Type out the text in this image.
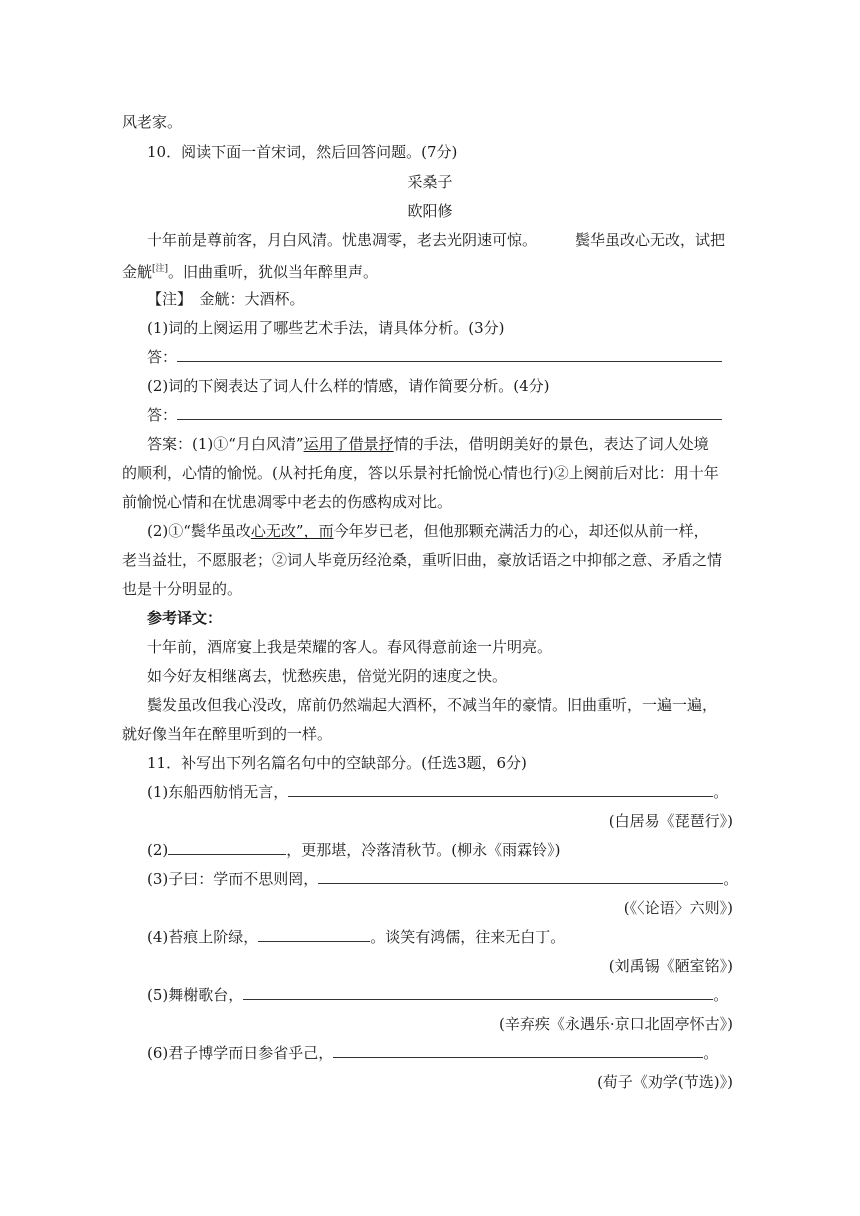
风老家。
10．阅读下面一首宋词，然后回答问题。(7分)
采桑子
欧阳修
十年前是尊前客，月白风清。忧患凋零，老去光阴速可惊。	鬓华虽改心无改，试把
金觥[注]。旧曲重听，犹似当年醉里声。
【注】　金觥：大酒杯。
(1)词的上阕运用了哪些艺术手法，请具体分析。(3分)
答：
(2)词的下阕表达了词人什么样的情感，请作简要分析。(4分)
答：
答案：(1)①“月白风清”运用了借景抒情的手法，借明朗美好的景色，表达了词人处境
的顺利，心情的愉悦。(从衬托角度，答以乐景衬托愉悦心情也行)②上阕前后对比：用十年
前愉悦心情和在忧患凋零中老去的伤感构成对比。
(2)①“鬓华虽改心无改”，而今年岁已老，但他那颗充满活力的心，却还似从前一样，
老当益壮，不愿服老；②词人毕竟历经沧桑，重听旧曲，豪放话语之中抑郁之意、矛盾之情
也是十分明显的。
参考译文：
十年前，酒席宴上我是荣耀的客人。春风得意前途一片明亮。
如今好友相继离去，忧愁疾患，倍觉光阴的速度之快。
鬓发虽改但我心没改，席前仍然端起大酒杯，不减当年的豪情。旧曲重听，一遍一遍，
就好像当年在醉里听到的一样。
11．补写出下列名篇名句中的空缺部分。(任选3题，6分)
(1)东船西舫悄无言，	。
(白居易《琵琶行》)
(2)	，更那堪，冷落清秋节。(柳永《雨霖铃》)
(3)子曰：学而不思则罔，	。
(《〈论语〉六则》)
(4)苔痕上阶绿，	。谈笑有鸿儒，往来无白丁。
(刘禹锡《陋室铭》)
(5)舞榭歌台，	。
(辛弃疾《永遇乐·京口北固亭怀古》)
(6)君子博学而日参省乎己，	。
(荀子《劝学(节选)》)
